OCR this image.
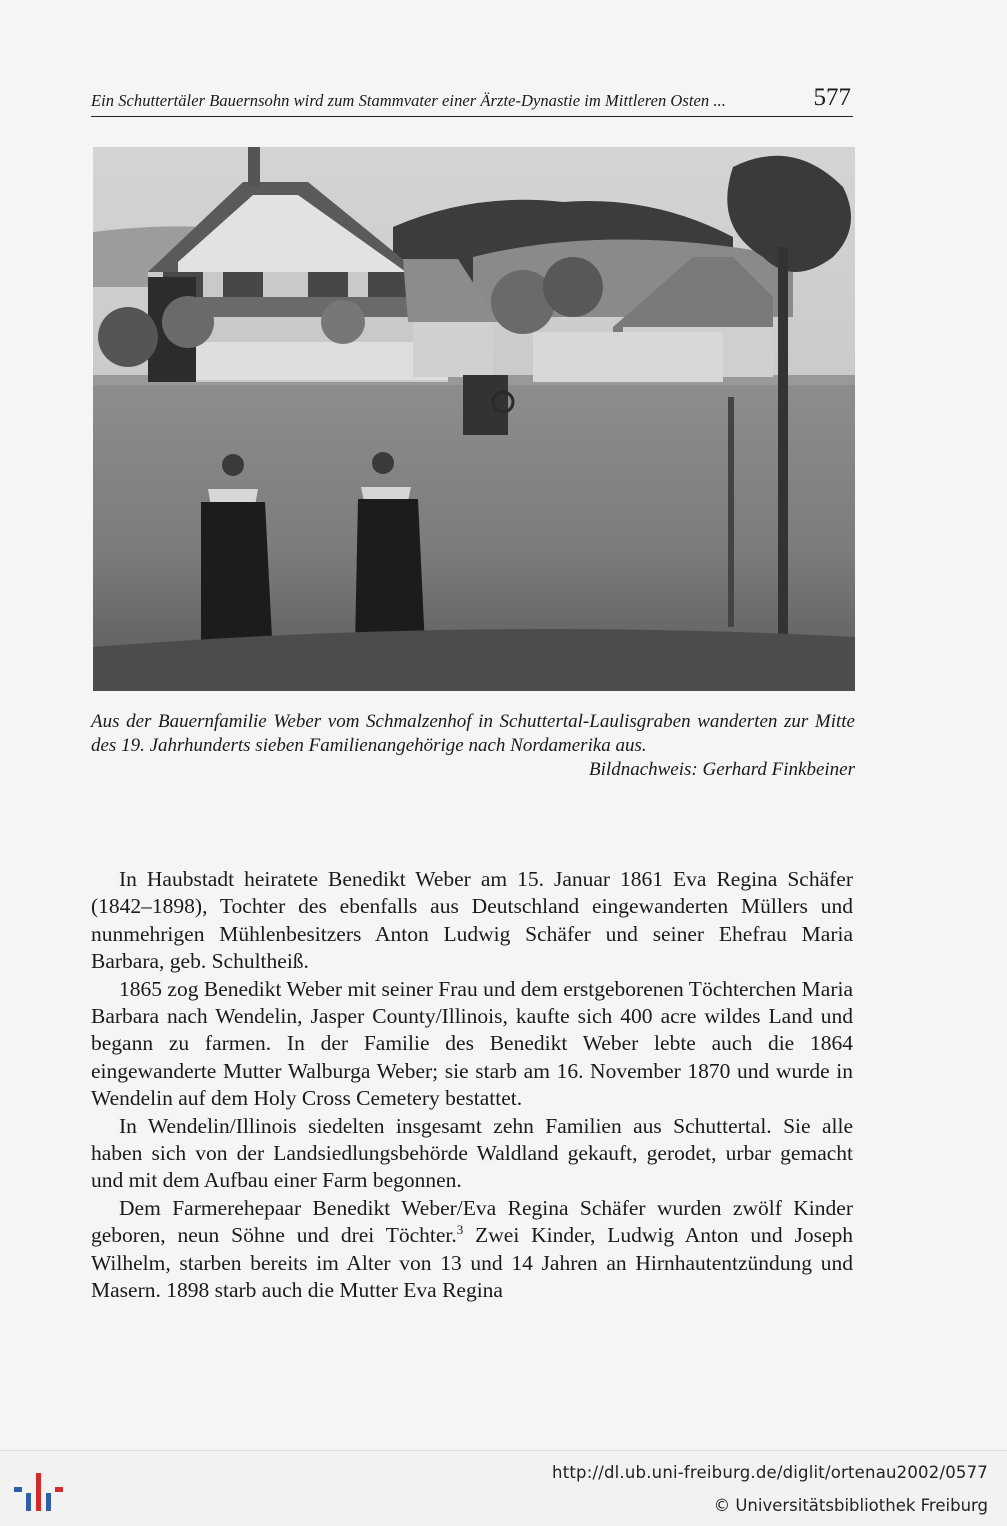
Ein Schuttertäler Bauernsohn wird zum Stammvater einer Ärzte-Dynastie im Mittleren Osten ...	577
Aus der Bauernfamilie Weber vom Schmalzenhof in Schuttertal-Laulisgraben wanderten zur Mitte des 19. Jahrhunderts sieben Familienangehörige nach Nordamerika aus.
Bildnachweis: Gerhard Finkbeiner

In Haubstadt heiratete Benedikt Weber am 15. Januar 1861 Eva Regina Schäfer (1842–1898), Tochter des ebenfalls aus Deutschland eingewanderten Müllers und nunmehrigen Mühlenbesitzers Anton Ludwig Schäfer und seiner Ehefrau Maria Barbara, geb. Schultheiß.

1865 zog Benedikt Weber mit seiner Frau und dem erstgeborenen Töchterchen Maria Barbara nach Wendelin, Jasper County/Illinois, kaufte sich 400 acre wildes Land und begann zu farmen. In der Familie des Benedikt Weber lebte auch die 1864 eingewanderte Mutter Walburga Weber; sie starb am 16. November 1870 und wurde in Wendelin auf dem Holy Cross Cemetery bestattet.

In Wendelin/Illinois siedelten insgesamt zehn Familien aus Schuttertal. Sie alle haben sich von der Landsiedlungsbehörde Waldland gekauft, gerodet, urbar gemacht und mit dem Aufbau einer Farm begonnen.

Dem Farmerehepaar Benedikt Weber/Eva Regina Schäfer wurden zwölf Kinder geboren, neun Söhne und drei Töchter.$^3$ Zwei Kinder, Ludwig Anton und Joseph Wilhelm, starben bereits im Alter von 13 und 14 Jahren an Hirnhautentzündung und Masern. 1898 starb auch die Mutter Eva Regina

http://dl.ub.uni-freiburg.de/diglit/ortenau2002/0577
© Universitätsbibliothek Freiburg
